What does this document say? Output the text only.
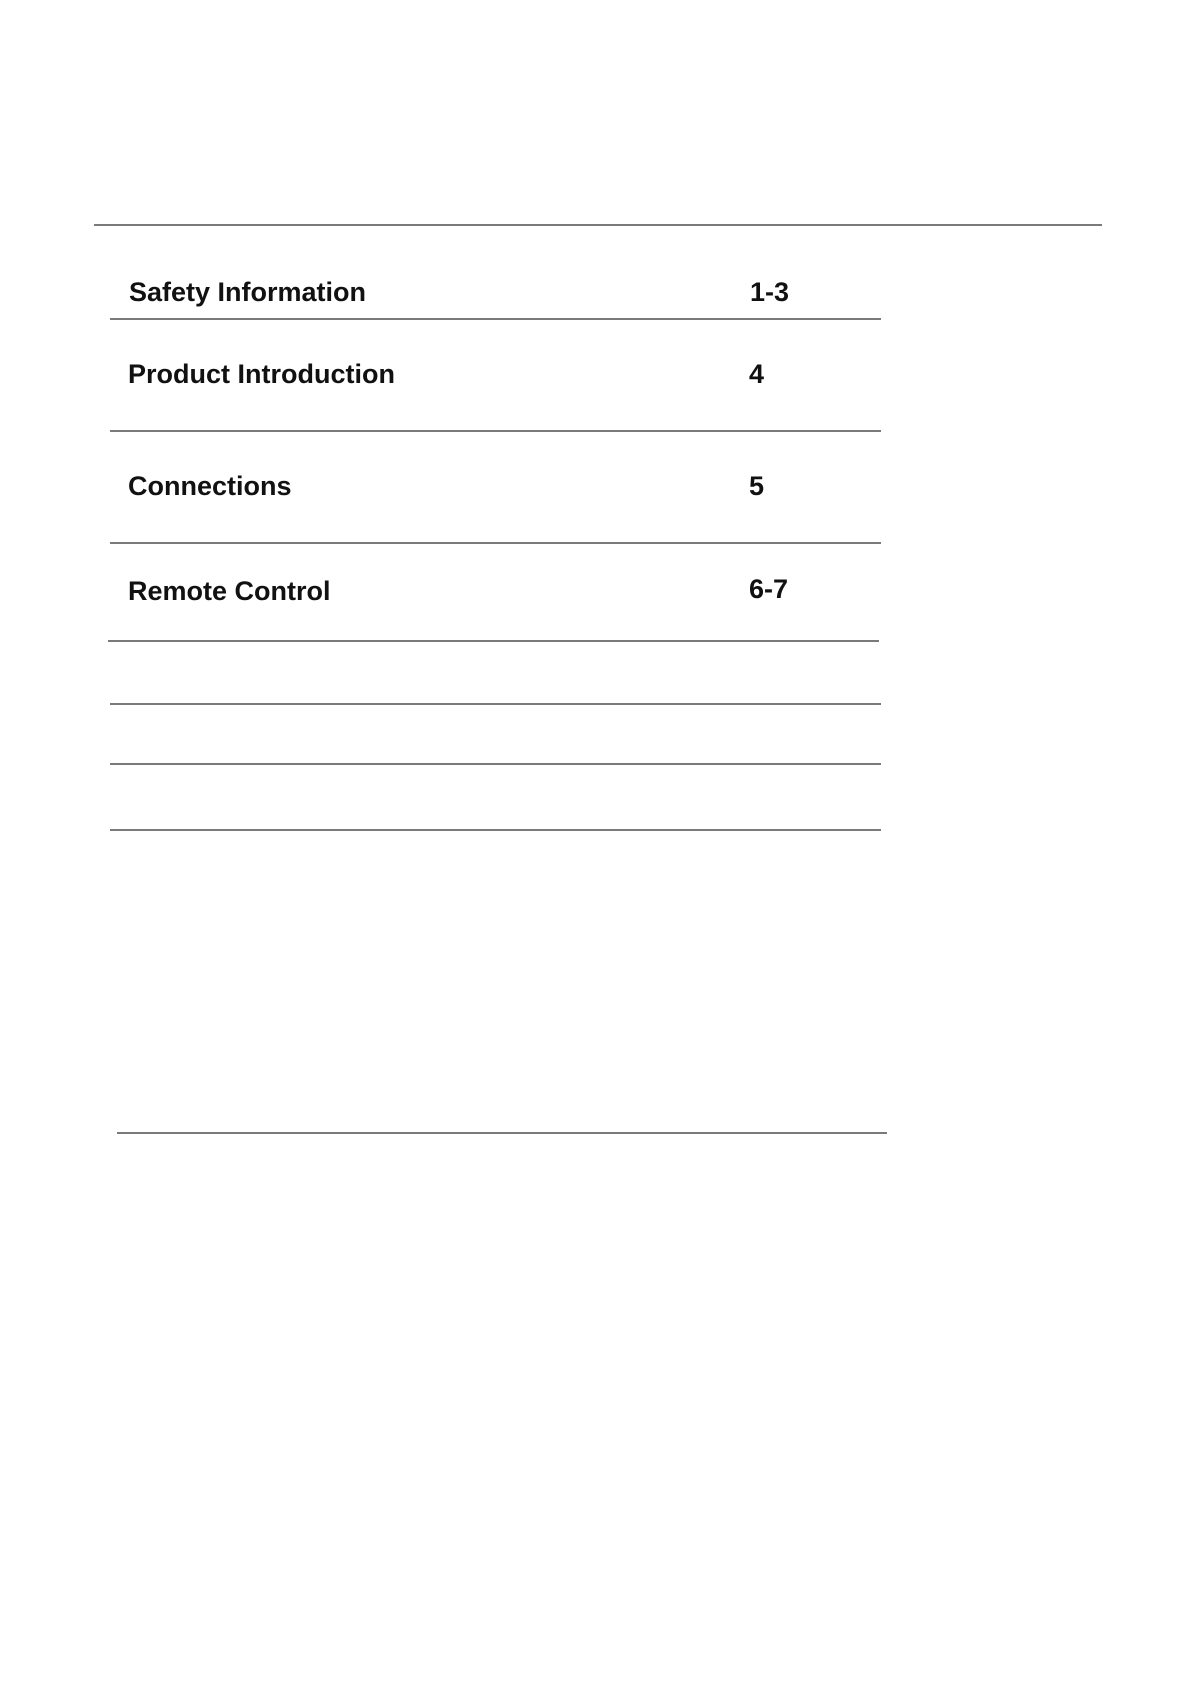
Safety Information	1-3
Product Introduction	4
Connections	5
Remote Control	6-7
